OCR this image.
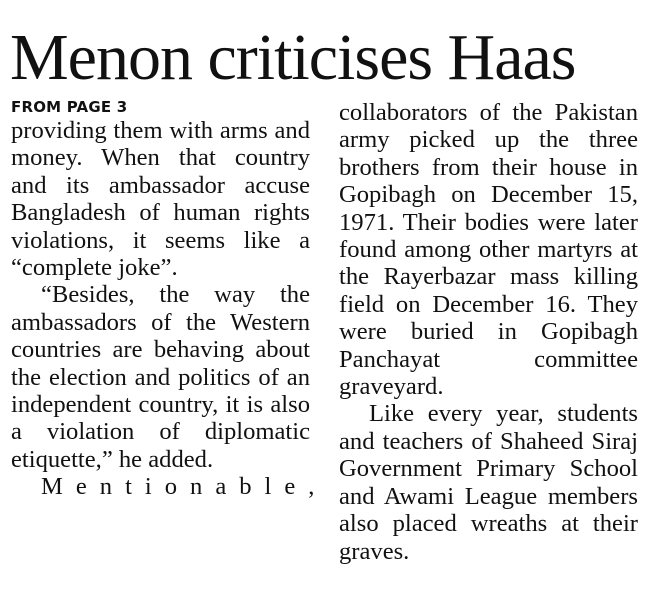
Menon criticises Haas

FROM PAGE 3

providing them with arms and money. When that country and its ambassador accuse Bangladesh of human rights violations, it seems like a “complete joke”.

“Besides, the way the ambassadors of the Western countries are behaving about the election and politics of an independent country, it is also a violation of diplomatic etiquette,” he added.

Mentionable,

collaborators of the Pakistan army picked up the three brothers from their house in Gopibagh on December 15, 1971. Their bodies were later found among other martyrs at the Rayerbazar mass killing field on December 16. They were buried in Gopibagh Panchayat committee graveyard.

Like every year, students and teachers of Shaheed Siraj Government Primary School and Awami League members also placed wreaths at their graves.
